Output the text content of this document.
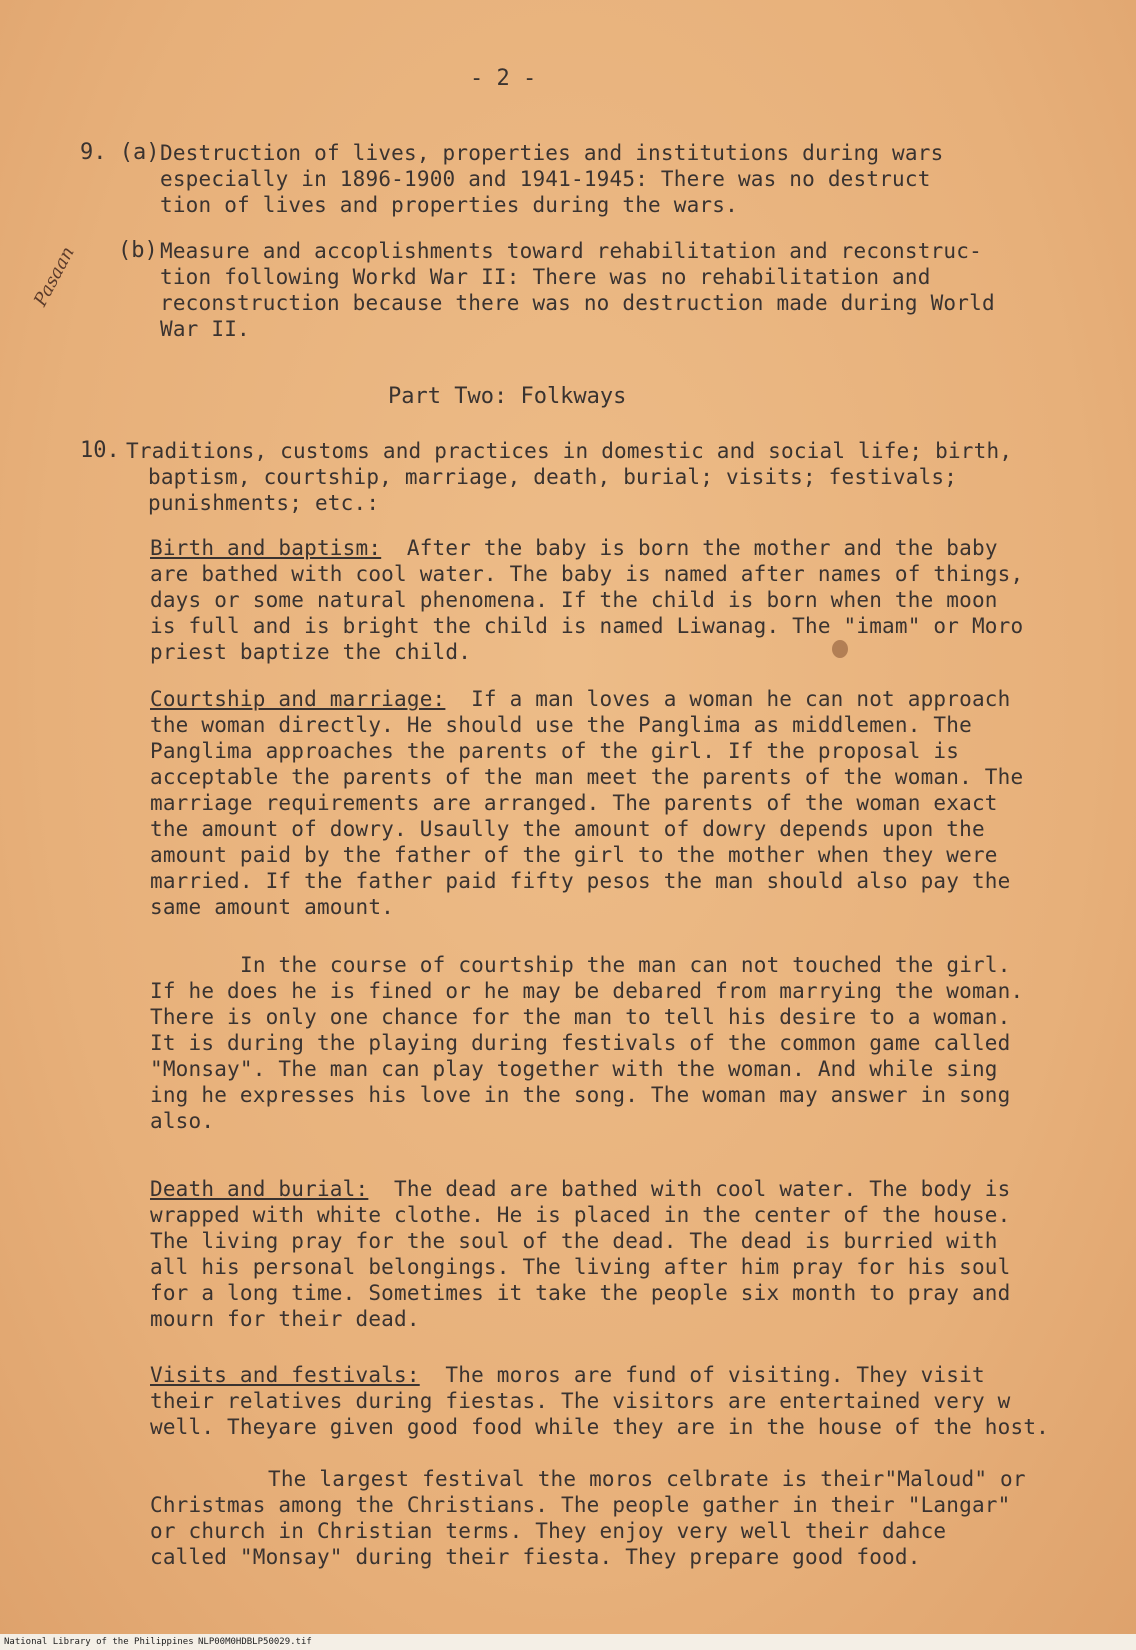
- 2 -
9. (a) Destruction of lives, properties and institutions during wars
especially in 1896-1900 and 1941-1945: There was no destruct
tion of lives and properties during the wars.
(b) Measure and accoplishments toward rehabilitation and reconstruc-
tion following Workd War II: There was no rehabilitation and
reconstruction because there was no destruction made during World
War II.
Pasaan
Part Two: Folkways
10. Traditions, customs and practices in domestic and social life; birth,
baptism, courtship, marriage, death, burial; visits; festivals;
punishments; etc.:
Birth and baptism: After the baby is born the mother and the baby
are bathed with cool water. The baby is named after names of things,
days or some natural phenomena. If the child is born when the moon
is full and is bright the child is named Liwanag. The "imam" or Moro
priest baptize the child.
Courtship and marriage: If a man loves a woman he can not approach
the woman directly. He should use the Panglima as middlemen. The
Panglima approaches the parents of the girl. If the proposal is
acceptable the parents of the man meet the parents of the woman. The
marriage requirements are arranged. The parents of the woman exact
the amount of dowry. Usaully the amount of dowry depends upon the
amount paid by the father of the girl to the mother when they were
married. If the father paid fifty pesos the man should also pay the
same amount amount.
In the course of courtship the man can not touched the girl.
If he does he is fined or he may be debared from marrying the woman.
There is only one chance for the man to tell his desire to a woman.
It is during the playing during festivals of the common game called
"Monsay". The man can play together with the woman. And while sing
ing he expresses his love in the song. The woman may answer in song
also.
Death and burial: The dead are bathed with cool water. The body is
wrapped with white clothe. He is placed in the center of the house.
The living pray for the soul of the dead. The dead is burried with
all his personal belongings. The living after him pray for his soul
for a long time. Sometimes it take the people six month to pray and
mourn for their dead.
Visits and festivals: The moros are fund of visiting. They visit
their relatives during fiestas. The visitors are entertained very w
well. Theyare given good food while they are in the house of the host.
The largest festival the moros celbrate is their"Maloud" or
Christmas among the Christians. The people gather in their "Langar"
or church in Christian terms. They enjoy very well their dahce
called "Monsay" during their fiesta. They prepare good food.
National Library of the Philippines NLP00M0HDBLP50029.tif
